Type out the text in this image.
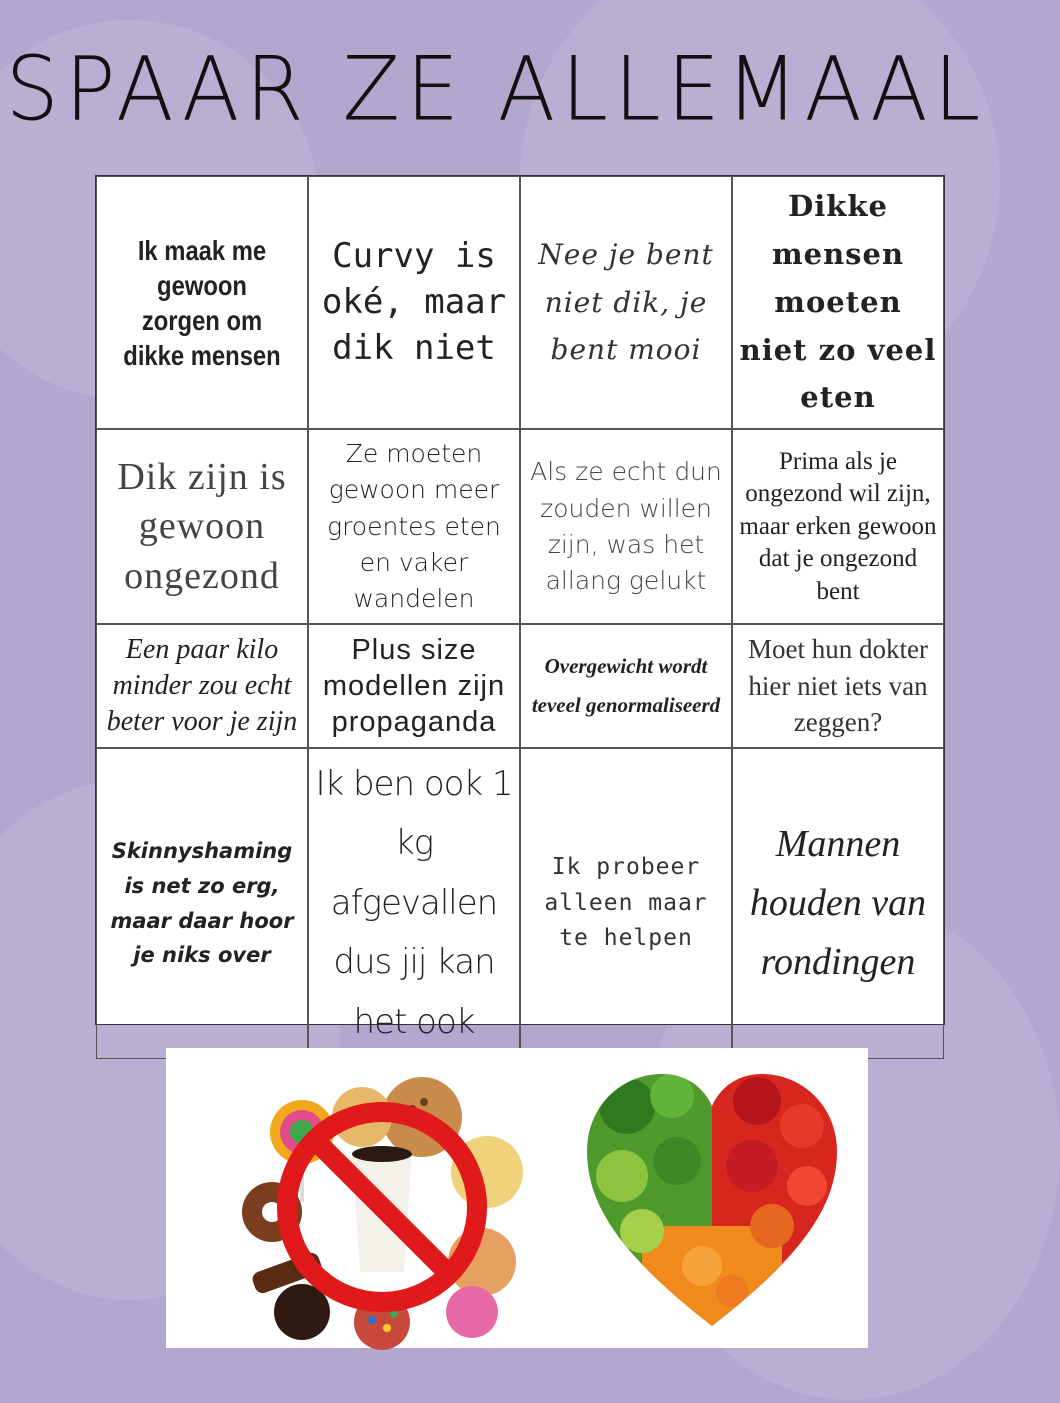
SPAAR ZE ALLEMAAL
Ik maak me gewoon zorgen om dikke mensen
Curvy is oké, maar dik niet
Nee je bent niet dik, je bent mooi
Dikke mensen moeten niet zo veel eten
Dik zijn is gewoon ongezond
Ze moeten gewoon meer groentes eten en vaker wandelen
Als ze echt dun zouden willen zijn, was het allang gelukt
Prima als je ongezond wil zijn, maar erken gewoon dat je ongezond bent
Een paar kilo minder zou echt beter voor je zijn
Plus size modellen zijn propaganda
Overgewicht wordt teveel genormaliseerd
Moet hun dokter hier niet iets van zeggen?
Skinnyshaming is net zo erg, maar daar hoor je niks over
Ik ben ook 1 kg afgevallen dus jij kan het ook
Ik probeer alleen maar te helpen
Mannen houden van rondingen
